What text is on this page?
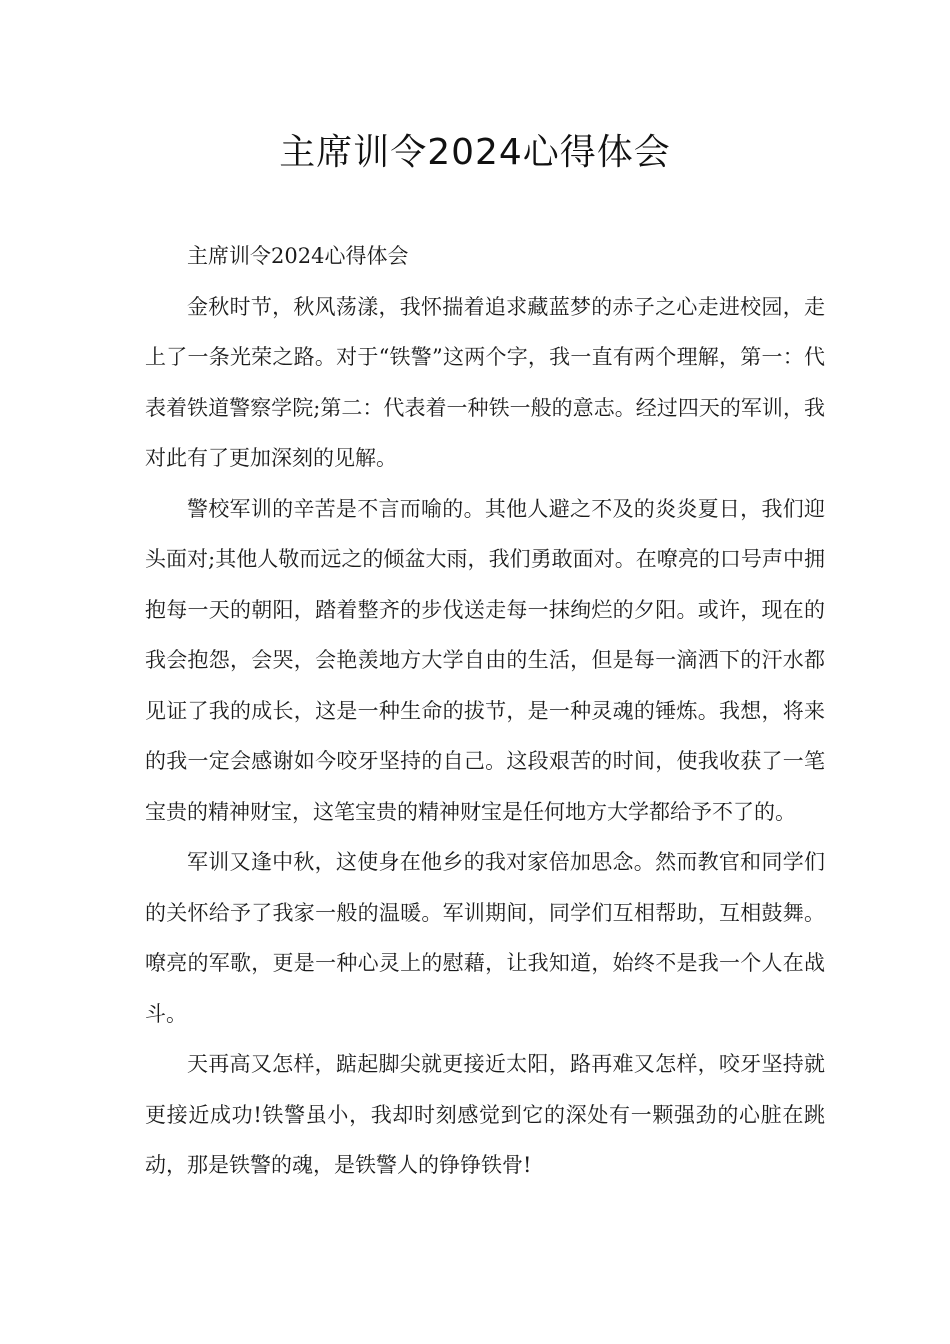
主席训令2024心得体会

主席训令2024心得体会

金秋时节，秋风荡漾，我怀揣着追求藏蓝梦的赤子之心走进校园，走上了一条光荣之路。对于“铁警”这两个字，我一直有两个理解，第一：代表着铁道警察学院;第二：代表着一种铁一般的意志。经过四天的军训，我对此有了更加深刻的见解。

警校军训的辛苦是不言而喻的。其他人避之不及的炎炎夏日，我们迎头面对;其他人敬而远之的倾盆大雨，我们勇敢面对。在嘹亮的口号声中拥抱每一天的朝阳，踏着整齐的步伐送走每一抹绚烂的夕阳。或许，现在的我会抱怨，会哭，会艳羡地方大学自由的生活，但是每一滴洒下的汗水都见证了我的成长，这是一种生命的拔节，是一种灵魂的锤炼。我想，将来的我一定会感谢如今咬牙坚持的自己。这段艰苦的时间，使我收获了一笔宝贵的精神财宝，这笔宝贵的精神财宝是任何地方大学都给予不了的。

军训又逢中秋，这使身在他乡的我对家倍加思念。然而教官和同学们的关怀给予了我家一般的温暖。军训期间，同学们互相帮助，互相鼓舞。嘹亮的军歌，更是一种心灵上的慰藉，让我知道，始终不是我一个人在战斗。

天再高又怎样，踮起脚尖就更接近太阳，路再难又怎样，咬牙坚持就更接近成功!铁警虽小，我却时刻感觉到它的深处有一颗强劲的心脏在跳动，那是铁警的魂，是铁警人的铮铮铁骨!
